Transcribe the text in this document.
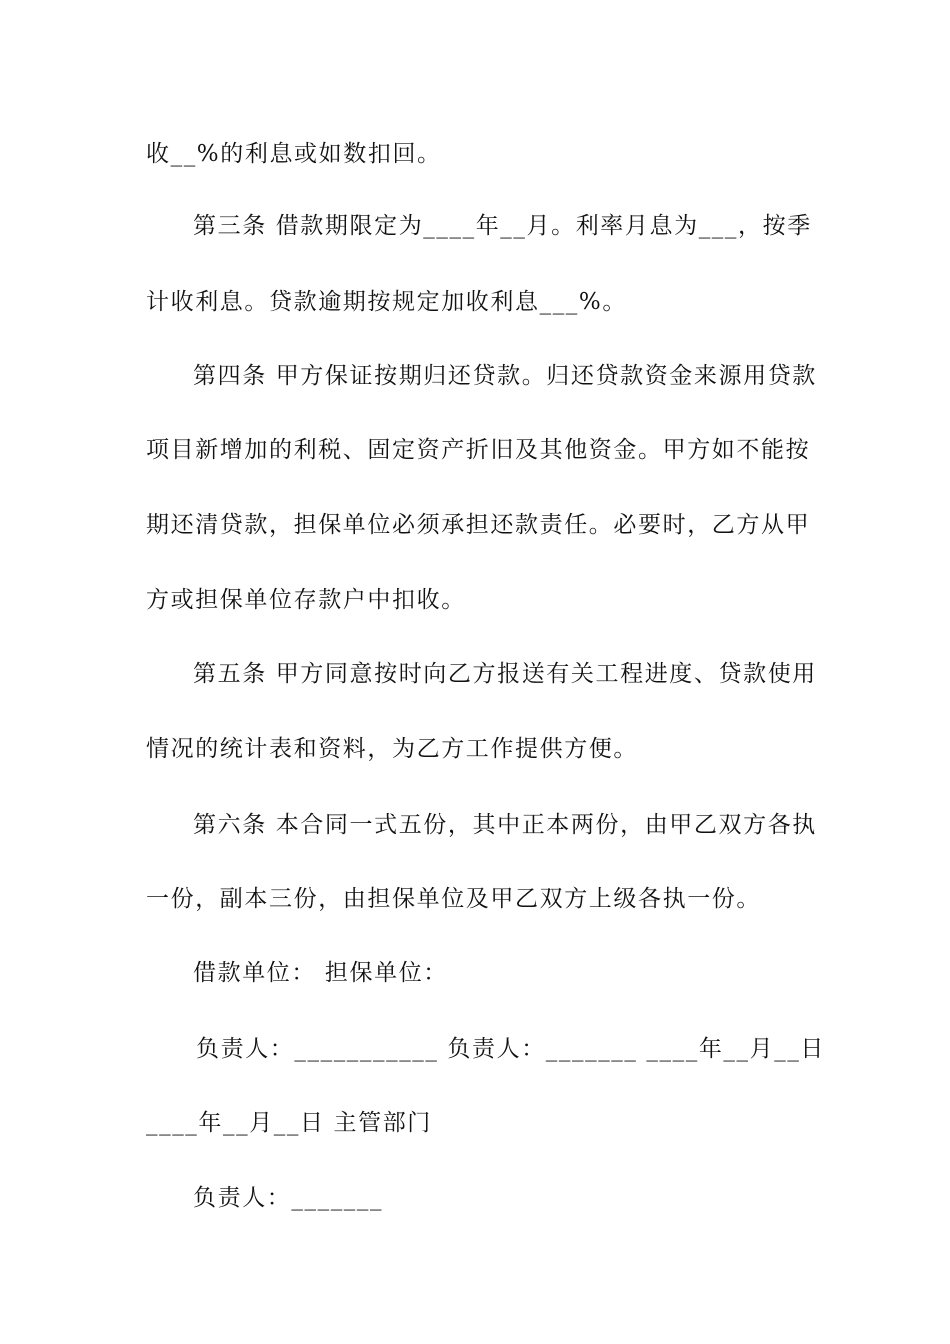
收__%的利息或如数扣回。
第三条 借款期限定为____年__月。利率月息为___，按季
计收利息。贷款逾期按规定加收利息___%。
第四条 甲方保证按期归还贷款。归还贷款资金来源用贷款
项目新增加的利税、固定资产折旧及其他资金。甲方如不能按
期还清贷款，担保单位必须承担还款责任。必要时，乙方从甲
方或担保单位存款户中扣收。
第五条 甲方同意按时向乙方报送有关工程进度、贷款使用
情况的统计表和资料，为乙方工作提供方便。
第六条 本合同一式五份，其中正本两份，由甲乙双方各执
一份，副本三份，由担保单位及甲乙双方上级各执一份。
借款单位： 担保单位：
负责人：___________ 负责人：_______ ____年__月__日
____年__月__日 主管部门
负责人：_______
